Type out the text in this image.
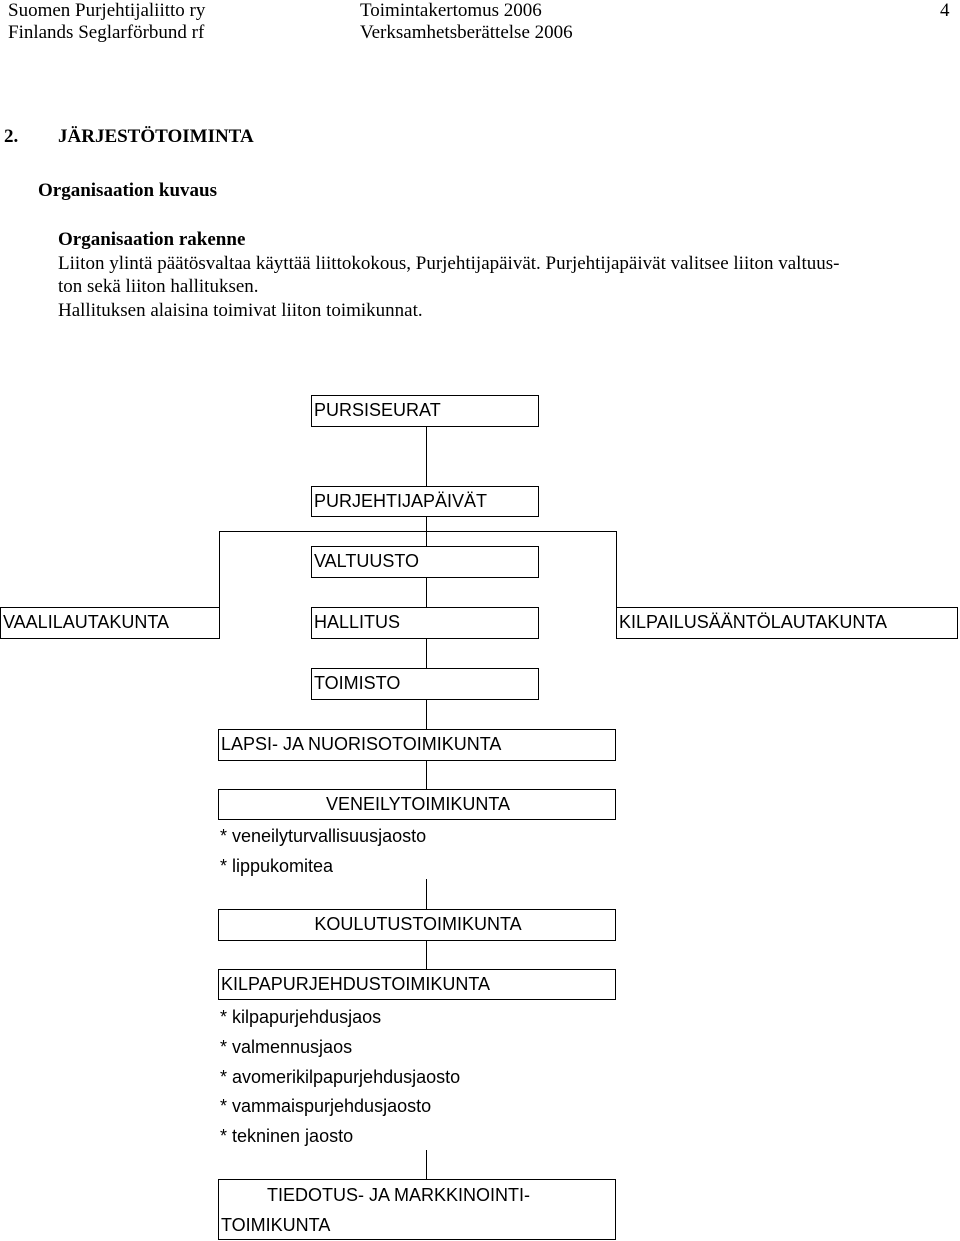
Suomen Purjehtijaliitto ry
Finlands Seglarförbund rf
Toimintakertomus 2006
Verksamhetsberättelse 2006
4
2. JÄRJESTÖTOIMINTA
Organisaation kuvaus
Organisaation rakenne
Liiton ylintä päätösvaltaa käyttää liittokokous, Purjehtijapäivät. Purjehtijapäivät valitsee liiton valtuus-
ton sekä liiton hallituksen.
Hallituksen alaisina toimivat liiton toimikunnat.
PURSISEURAT
PURJEHTIJAPÄIVÄT
VALTUUSTO
VAALILAUTAKUNTA	HALLITUS	KILPAILUSÄÄNTÖLAUTAKUNTA
TOIMISTO
LAPSI- JA NUORISOTOIMIKUNTA
VENEILYTOIMIKUNTA
KOULUTUSTOIMIKUNTA
KILPAPURJEHDUSTOIMIKUNTA
TIEDOTUS- JA MARKKINOINTI-
TOIMIKUNTA
* veneilyturvallisuusjaosto
* lippukomitea
* kilpapurjehdusjaos
* valmennusjaos
* avomerikilpapurjehdusjaosto
* vammaispurjehdusjaosto
* tekninen jaosto
